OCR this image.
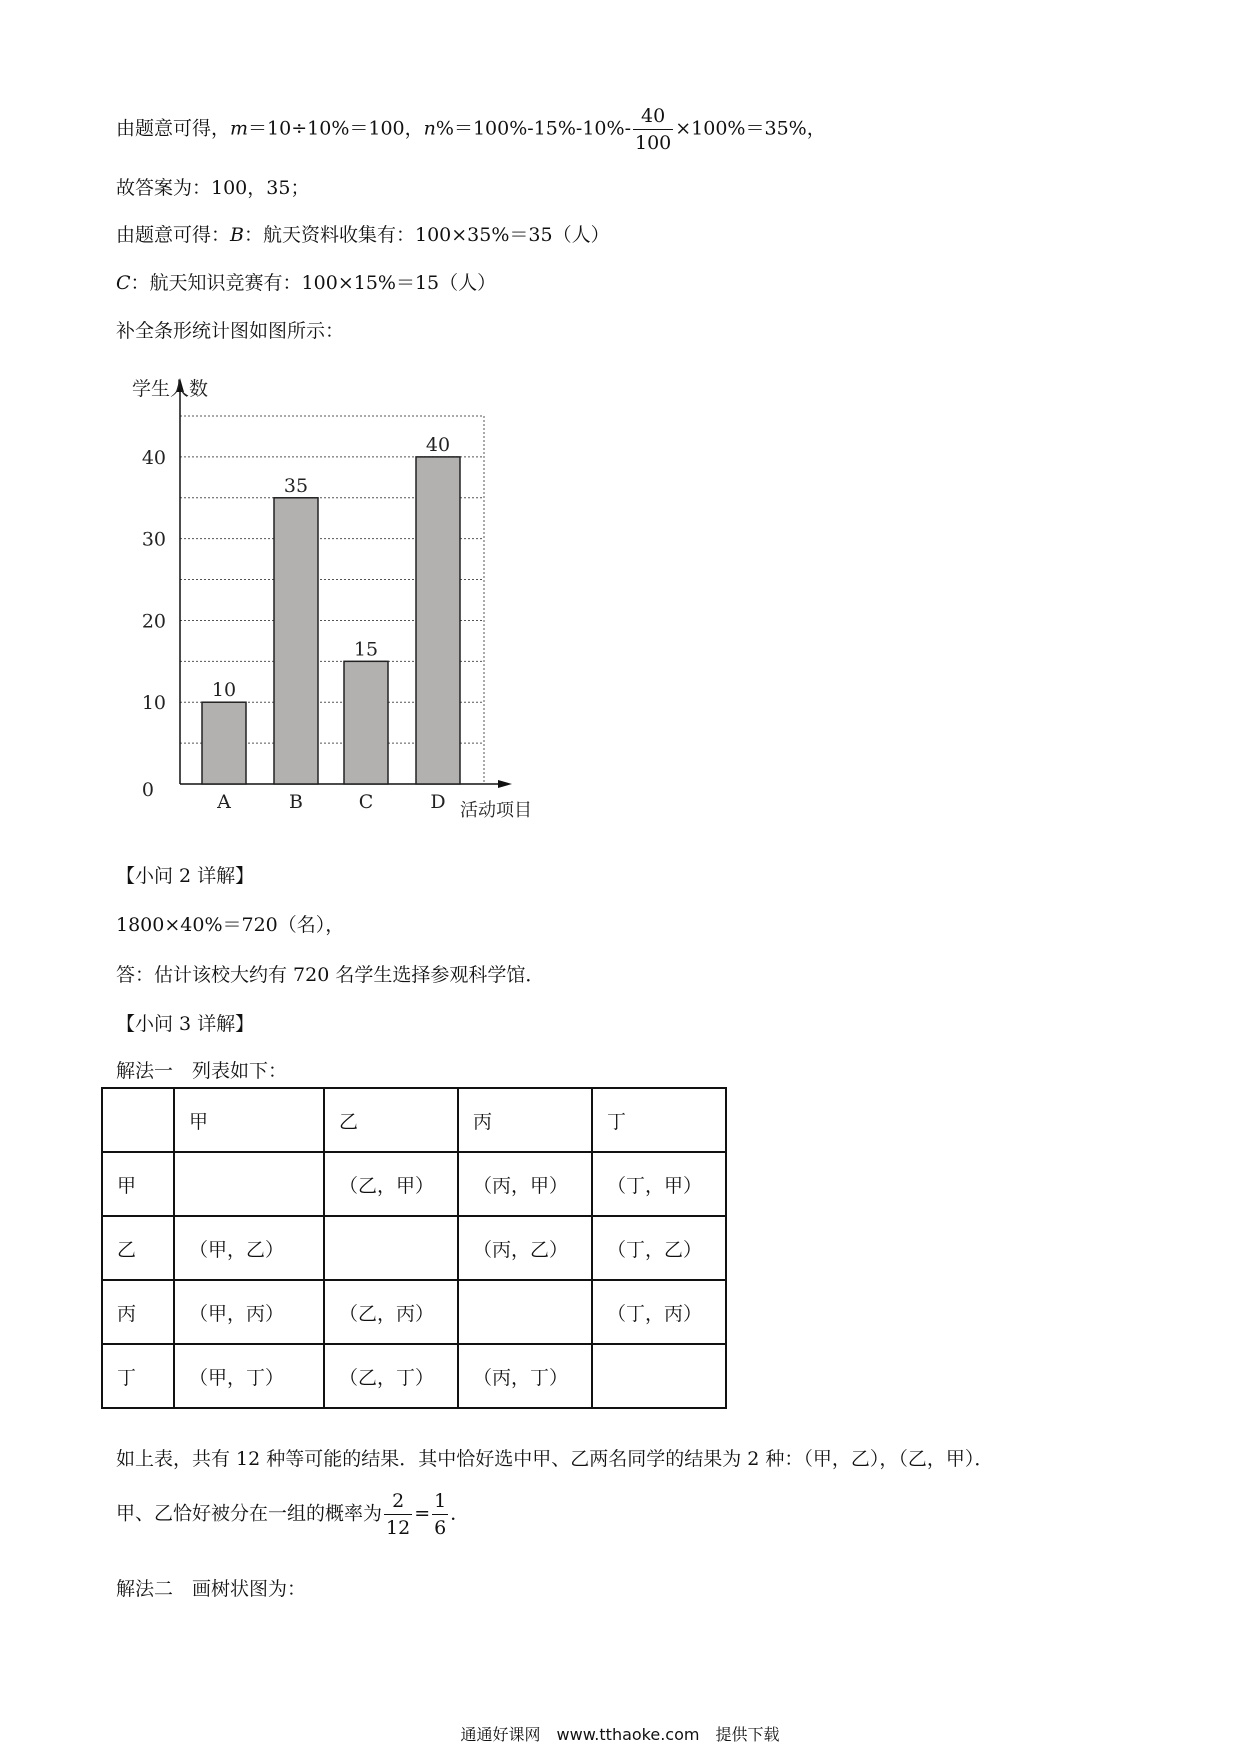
由题意可得，m＝10÷10%＝100，$n\%=100\%-15\%-10\%- \frac{40}{100} \times 100\%=35\%$，
故答案为：100，35；
由题意可得：B：航天资料收集有：100×35%＝35（人）
C：航天知识竞赛有：100×15%＝15（人）
补全条形统计图如图所示：
10
35
15
40
0
10
20
30
40
A	B	C	D
学生人数
活动项目
【小问 2 详解】
1800×40%＝720（名），
答：估计该校大约有 720 名学生选择参观科学馆．
【小问 3 详解】
解法一　列表如下：
	甲	乙	丙	丁
甲		（乙，甲）	（丙，甲）	（丁，甲）
乙	（甲，乙）		（丙，乙）	（丁，乙）
丙	（甲，丙）	（乙，丙）		（丁，丙）
丁	（甲，丁）	（乙，丁）	（丙，丁）	
如上表，共有 12 种等可能的结果．其中恰好选中甲、乙两名同学的结果为 2 种：（甲，乙），（乙，甲）．
甲、乙恰好被分在一组的概率为 $\frac{2}{12} = \frac{1}{6}$ ．
解法二　画树状图为：
通通好课网　www.tthaoke.com　提供下载
